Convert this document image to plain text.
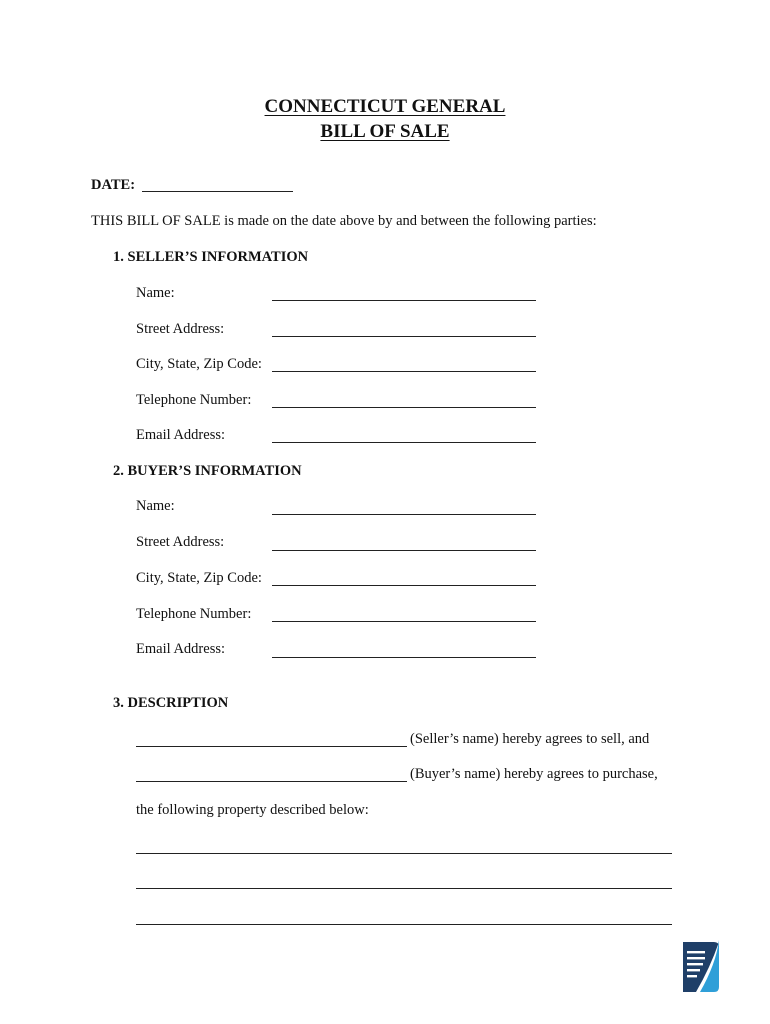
CONNECTICUT GENERAL
BILL OF SALE
DATE:
THIS BILL OF SALE is made on the date above by and between the following parties:
1. SELLER’S INFORMATION
Name:
Street Address:
City, State, Zip Code:
Telephone Number:
Email Address:
2. BUYER’S INFORMATION
Name:
Street Address:
City, State, Zip Code:
Telephone Number:
Email Address:
3. DESCRIPTION
(Seller’s name) hereby agrees to sell, and
(Buyer’s name) hereby agrees to purchase,
the following property described below:
